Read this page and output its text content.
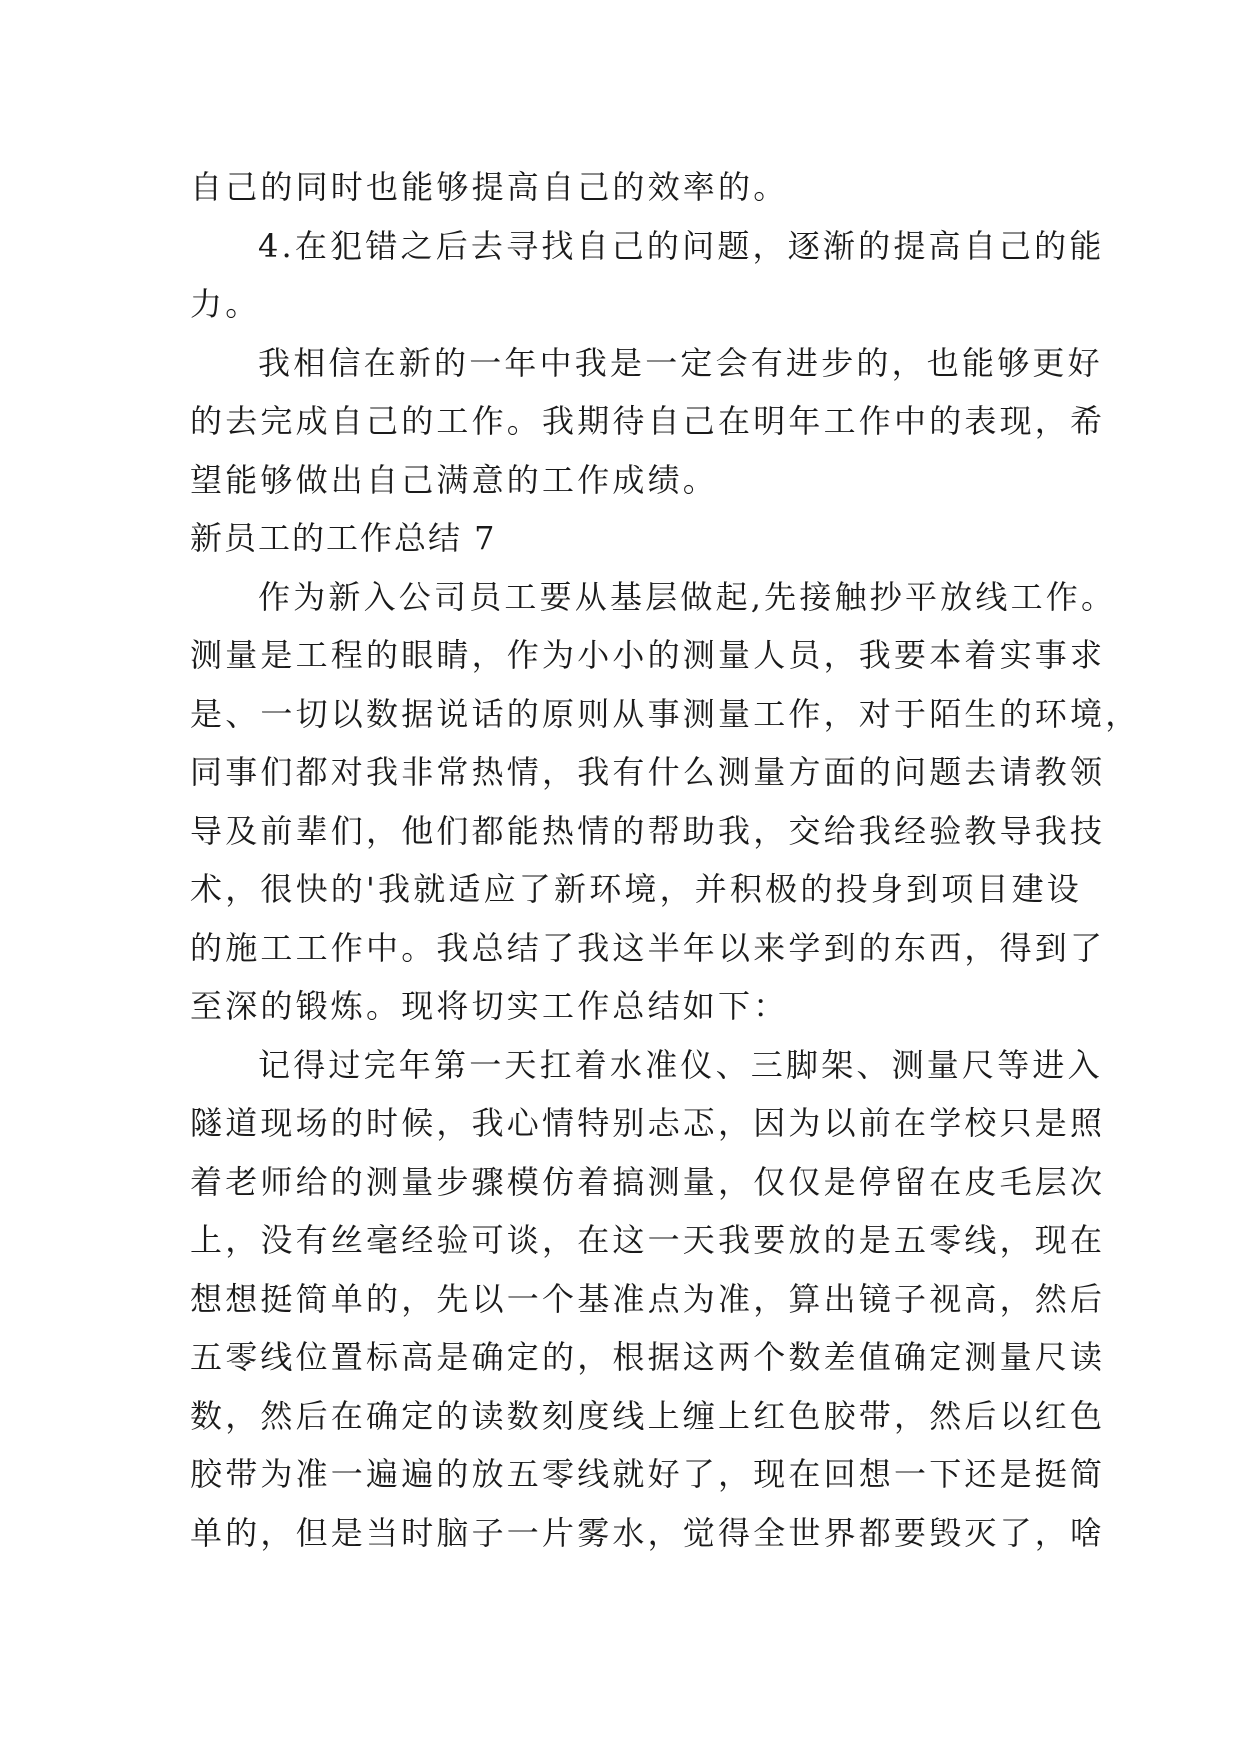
自己的同时也能够提高自己的效率的。
4.在犯错之后去寻找自己的问题，逐渐的提高自己的能
力。
我相信在新的一年中我是一定会有进步的，也能够更好
的去完成自己的工作。我期待自己在明年工作中的表现，希
望能够做出自己满意的工作成绩。
新员工的工作总结 7
作为新入公司员工要从基层做起,先接触抄平放线工作。
测量是工程的眼睛，作为小小的测量人员，我要本着实事求
是、一切以数据说话的原则从事测量工作，对于陌生的环境，
同事们都对我非常热情，我有什么测量方面的问题去请教领
导及前辈们，他们都能热情的帮助我，交给我经验教导我技
术，很快的'我就适应了新环境，并积极的投身到项目建设
的施工工作中。我总结了我这半年以来学到的东西，得到了
至深的锻炼。现将切实工作总结如下：
记得过完年第一天扛着水准仪、三脚架、测量尺等进入
隧道现场的时候，我心情特别忐忑，因为以前在学校只是照
着老师给的测量步骤模仿着搞测量，仅仅是停留在皮毛层次
上，没有丝毫经验可谈，在这一天我要放的是五零线，现在
想想挺简单的，先以一个基准点为准，算出镜子视高，然后
五零线位置标高是确定的，根据这两个数差值确定测量尺读
数，然后在确定的读数刻度线上缠上红色胶带，然后以红色
胶带为准一遍遍的放五零线就好了，现在回想一下还是挺简
单的，但是当时脑子一片雾水，觉得全世界都要毁灭了，啥
